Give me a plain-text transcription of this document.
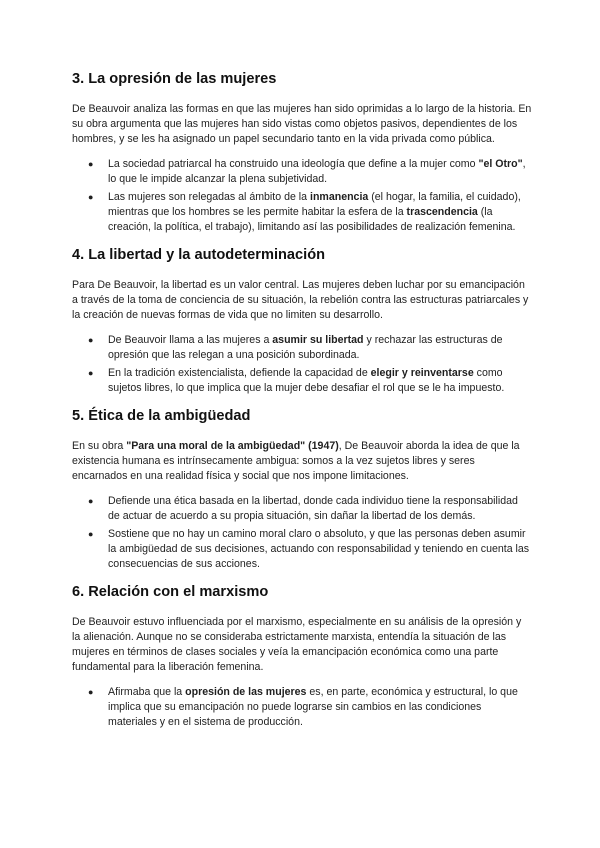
3. La opresión de las mujeres

De Beauvoir analiza las formas en que las mujeres han sido oprimidas a lo largo de la historia. En su obra argumenta que las mujeres han sido vistas como objetos pasivos, dependientes de los hombres, y se les ha asignado un papel secundario tanto en la vida privada como pública.

● La sociedad patriarcal ha construido una ideología que define a la mujer como "el Otro", lo que le impide alcanzar la plena subjetividad.
● Las mujeres son relegadas al ámbito de la inmanencia (el hogar, la familia, el cuidado), mientras que los hombres se les permite habitar la esfera de la trascendencia (la creación, la política, el trabajo), limitando así las posibilidades de realización femenina.
4. La libertad y la autodeterminación

Para De Beauvoir, la libertad es un valor central. Las mujeres deben luchar por su emancipación a través de la toma de conciencia de su situación, la rebelión contra las estructuras patriarcales y la creación de nuevas formas de vida que no limiten su desarrollo.

● De Beauvoir llama a las mujeres a asumir su libertad y rechazar las estructuras de opresión que las relegan a una posición subordinada.
● En la tradición existencialista, defiende la capacidad de elegir y reinventarse como sujetos libres, lo que implica que la mujer debe desafiar el rol que se le ha impuesto.
5. Ética de la ambigüedad

En su obra "Para una moral de la ambigüedad" (1947), De Beauvoir aborda la idea de que la existencia humana es intrínsecamente ambigua: somos a la vez sujetos libres y seres encarnados en una realidad física y social que nos impone limitaciones.

● Defiende una ética basada en la libertad, donde cada individuo tiene la responsabilidad de actuar de acuerdo a su propia situación, sin dañar la libertad de los demás.
● Sostiene que no hay un camino moral claro o absoluto, y que las personas deben asumir la ambigüedad de sus decisiones, actuando con responsabilidad y teniendo en cuenta las consecuencias de sus acciones.
6. Relación con el marxismo

De Beauvoir estuvo influenciada por el marxismo, especialmente en su análisis de la opresión y la alienación. Aunque no se consideraba estrictamente marxista, entendía la situación de las mujeres en términos de clases sociales y veía la emancipación económica como una parte fundamental para la liberación femenina.

● Afirmaba que la opresión de las mujeres es, en parte, económica y estructural, lo que implica que su emancipación no puede lograrse sin cambios en las condiciones materiales y en el sistema de producción.
